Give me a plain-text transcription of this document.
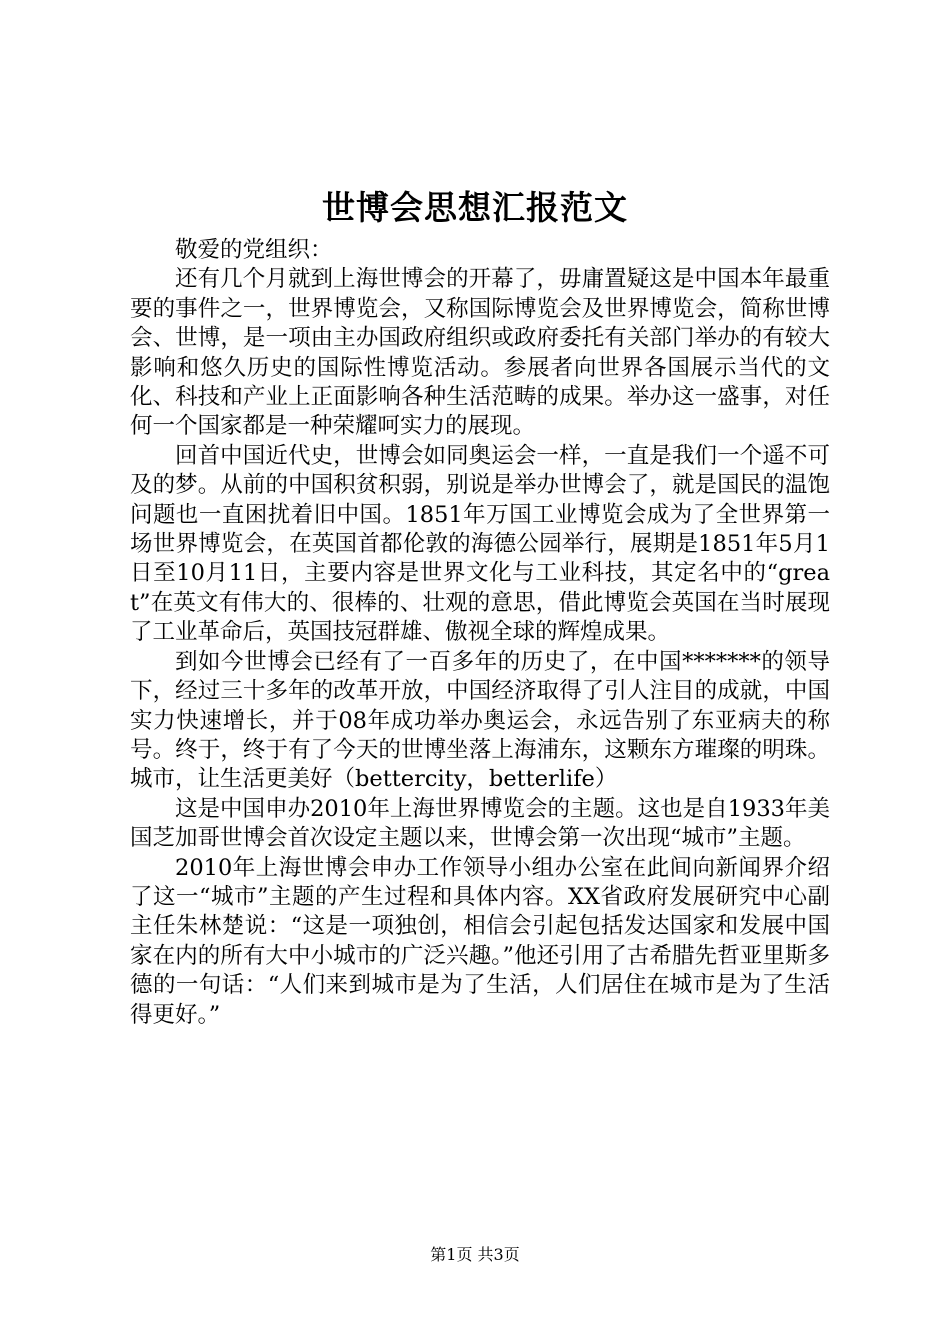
世博会思想汇报范文

敬爱的党组织：

还有几个月就到上海世博会的开幕了，毋庸置疑这是中国本年最重要的事件之一，世界博览会，又称国际博览会及世界博览会，简称世博会、世博，是一项由主办国政府组织或政府委托有关部门举办的有较大影响和悠久历史的国际性博览活动。参展者向世界各国展示当代的文化、科技和产业上正面影响各种生活范畴的成果。举办这一盛事，对任何一个国家都是一种荣耀呵实力的展现。

回首中国近代史，世博会如同奥运会一样，一直是我们一个遥不可及的梦。从前的中国积贫积弱，别说是举办世博会了，就是国民的温饱问题也一直困扰着旧中国。1851年万国工业博览会成为了全世界第一场世界博览会，在英国首都伦敦的海德公园举行，展期是1851年5月1日至10月11日，主要内容是世界文化与工业科技，其定名中的“great”在英文有伟大的、很棒的、壮观的意思，借此博览会英国在当时展现了工业革命后，英国技冠群雄、傲视全球的辉煌成果。

到如今世博会已经有了一百多年的历史了，在中国*******的领导下，经过三十多年的改革开放，中国经济取得了引人注目的成就，中国实力快速增长，并于08年成功举办奥运会，永远告别了东亚病夫的称号。终于，终于有了今天的世博坐落上海浦东，这颗东方璀璨的明珠。城市，让生活更美好（bettercity，betterlife）

这是中国申办2010年上海世界博览会的主题。这也是自1933年美国芝加哥世博会首次设定主题以来，世博会第一次出现“城市”主题。

2010年上海世博会申办工作领导小组办公室在此间向新闻界介绍了这一“城市”主题的产生过程和具体内容。XX省政府发展研究中心副主任朱林楚说：“这是一项独创，相信会引起包括发达国家和发展中国家在内的所有大中小城市的广泛兴趣。”他还引用了古希腊先哲亚里斯多德的一句话：“人们来到城市是为了生活，人们居住在城市是为了生活得更好。”

第1页 共3页
